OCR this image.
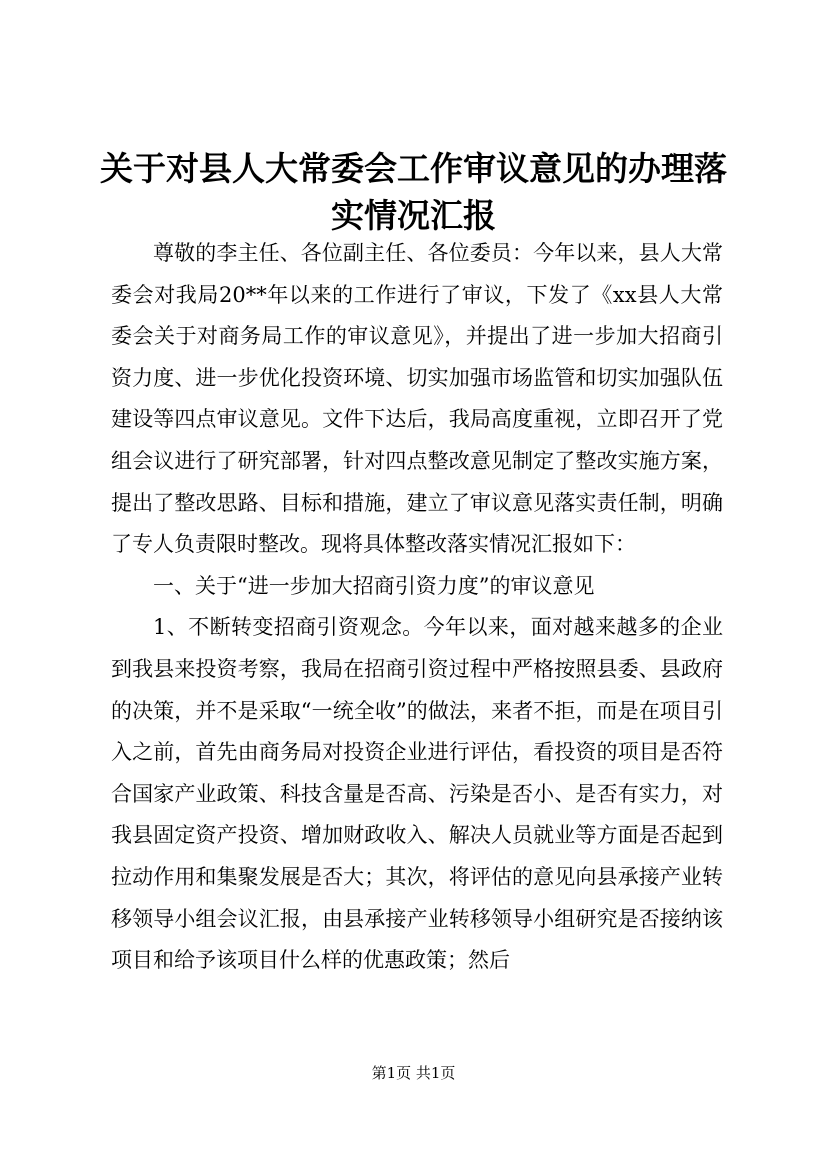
关于对县人大常委会工作审议意见的办理落实情况汇报

尊敬的李主任、各位副主任、各位委员：今年以来，县人大常委会对我局20**年以来的工作进行了审议，下发了《xx县人大常委会关于对商务局工作的审议意见》，并提出了进一步加大招商引资力度、进一步优化投资环境、切实加强市场监管和切实加强队伍建设等四点审议意见。文件下达后，我局高度重视，立即召开了党组会议进行了研究部署，针对四点整改意见制定了整改实施方案，提出了整改思路、目标和措施，建立了审议意见落实责任制，明确了专人负责限时整改。现将具体整改落实情况汇报如下：

一、关于“进一步加大招商引资力度”的审议意见

1、不断转变招商引资观念。今年以来，面对越来越多的企业到我县来投资考察，我局在招商引资过程中严格按照县委、县政府的决策，并不是采取“一统全收”的做法，来者不拒，而是在项目引入之前，首先由商务局对投资企业进行评估，看投资的项目是否符合国家产业政策、科技含量是否高、污染是否小、是否有实力，对我县固定资产投资、增加财政收入、解决人员就业等方面是否起到拉动作用和集聚发展是否大；其次，将评估的意见向县承接产业转移领导小组会议汇报，由县承接产业转移领导小组研究是否接纳该项目和给予该项目什么样的优惠政策；然后

第1页 共1页
